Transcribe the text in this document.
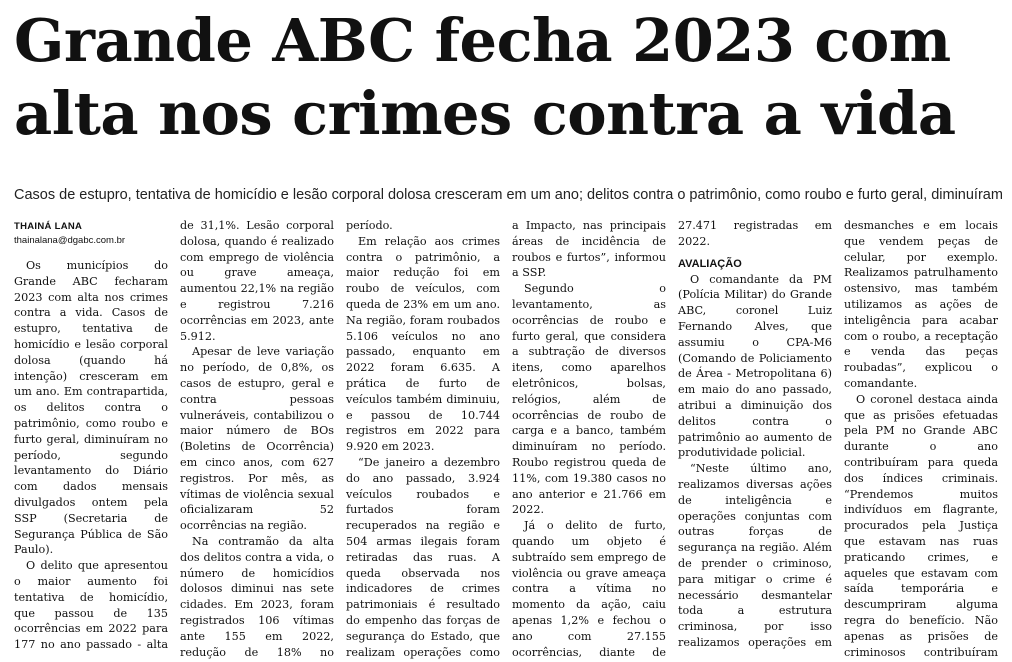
Grande ABC fecha 2023 com
alta nos crimes contra a vida
Casos de estupro, tentativa de homicídio e lesão corporal dolosa cresceram em um ano; delitos contra o patrimônio, como roubo e furto geral, diminuíram
THAINÁ LANA
thainalana@dgabc.com.br

Os municípios do Grande ABC fecharam 2023 com alta nos crimes contra a vida. Casos de estupro, tentativa de homicídio e lesão corporal dolosa (quando há intenção) cresceram em um ano. Em contrapartida, os delitos contra o patrimônio, como roubo e furto geral, diminuíram no período, segundo levantamento do Diário com dados mensais divulgados ontem pela SSP (Secretaria de Segurança Pública de São Paulo).

O delito que apresentou o maior aumento foi tentativa de homicídio, que passou de 135 ocorrências em 2022 para 177 no ano passado - alta

de 31,1%. Lesão corporal dolosa, quando é realizado com emprego de violência ou grave ameaça, aumentou 22,1% na região e registrou 7.216 ocorrências em 2023, ante 5.912.

Apesar de leve variação no período, de 0,8%, os casos de estupro, geral e contra pessoas vulneráveis, contabilizou o maior número de BOs (Boletins de Ocorrência) em cinco anos, com 627 registros. Por mês, as vítimas de violência sexual oficializaram 52 ocorrências na região.

Na contramão da alta dos delitos contra a vida, o número de homicídios dolosos diminui nas sete cidades. Em 2023, foram registrados 106 vítimas ante 155 em 2022, redução de 18% no

período.

Em relação aos crimes contra o patrimônio, a maior redução foi em roubo de veículos, com queda de 23% em um ano. Na região, foram roubados 5.106 veículos no ano passado, enquanto em 2022 foram 6.635. A prática de furto de veículos também diminuiu, e passou de 10.744 registros em 2022 para 9.920 em 2023.

“De janeiro a dezembro do ano passado, 3.924 veículos roubados e furtados foram recuperados na região e 504 armas ilegais foram retiradas das ruas. A queda observada nos indicadores de crimes patrimoniais é resultado do empenho das forças de segurança do Estado, que realizam operações como

a Impacto, nas principais áreas de incidência de roubos e furtos”, informou a SSP.

Segundo o levantamento, as ocorrências de roubo e furto geral, que considera a subtração de diversos itens, como aparelhos eletrônicos, bolsas, relógios, além de ocorrências de roubo de carga e a banco, também diminuíram no período. Roubo registrou queda de 11%, com 19.380 casos no ano anterior e 21.766 em 2022.

Já o delito de furto, quando um objeto é subtraído sem emprego de violência ou grave ameaça contra a vítima no momento da ação, caiu apenas 1,2% e fechou o ano com 27.155 ocorrências, diante de

27.471 registradas em 2022.

AVALIAÇÃO

O comandante da PM (Polícia Militar) do Grande ABC, coronel Luiz Fernando Alves, que assumiu o CPA-M6 (Comando de Policiamento de Área - Metropolitana 6) em maio do ano passado, atribui a diminuição dos delitos contra o patrimônio ao aumento de produtividade policial.

“Neste último ano, realizamos diversas ações de inteligência e operações conjuntas com outras forças de segurança na região. Além de prender o criminoso, para mitigar o crime é necessário desmantelar toda a estrutura criminosa, por isso realizamos operações em

desmanches e em locais que vendem peças de celular, por exemplo. Realizamos patrulhamento ostensivo, mas também utilizamos as ações de inteligência para acabar com o roubo, a receptação e venda das peças roubadas”, explicou o comandante.

O coronel destaca ainda que as prisões efetuadas pela PM no Grande ABC durante o ano contribuíram para queda dos índices criminais. “Prendemos muitos indivíduos em flagrante, procurados pela Justiça que estavam nas ruas praticando crimes, e aqueles que estavam com saída temporária e descumpriram alguma regra do benefício. Não apenas as prisões de criminosos contribuíram
